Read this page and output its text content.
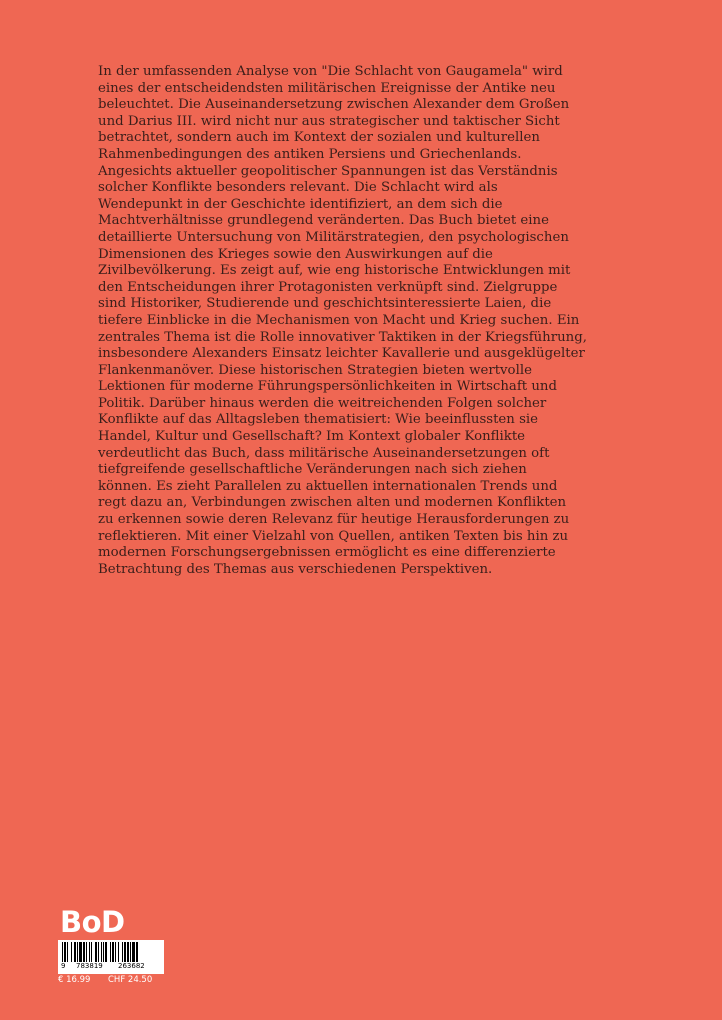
In der umfassenden Analyse von "Die Schlacht von Gaugamela" wird
eines der entscheidendsten militärischen Ereignisse der Antike neu
beleuchtet. Die Auseinandersetzung zwischen Alexander dem Großen
und Darius III. wird nicht nur aus strategischer und taktischer Sicht
betrachtet, sondern auch im Kontext der sozialen und kulturellen
Rahmenbedingungen des antiken Persiens und Griechenlands.
Angesichts aktueller geopolitischer Spannungen ist das Verständnis
solcher Konflikte besonders relevant. Die Schlacht wird als
Wendepunkt in der Geschichte identifiziert, an dem sich die
Machtverhältnisse grundlegend veränderten. Das Buch bietet eine
detaillierte Untersuchung von Militärstrategien, den psychologischen
Dimensionen des Krieges sowie den Auswirkungen auf die
Zivilbevölkerung. Es zeigt auf, wie eng historische Entwicklungen mit
den Entscheidungen ihrer Protagonisten verknüpft sind. Zielgruppe
sind Historiker, Studierende und geschichtsinteressierte Laien, die
tiefere Einblicke in die Mechanismen von Macht und Krieg suchen. Ein
zentrales Thema ist die Rolle innovativer Taktiken in der Kriegsführung,
insbesondere Alexanders Einsatz leichter Kavallerie und ausgeklügelter
Flankenmanöver. Diese historischen Strategien bieten wertvolle
Lektionen für moderne Führungspersönlichkeiten in Wirtschaft und
Politik. Darüber hinaus werden die weitreichenden Folgen solcher
Konflikte auf das Alltagsleben thematisiert: Wie beeinflussten sie
Handel, Kultur und Gesellschaft? Im Kontext globaler Konflikte
verdeutlicht das Buch, dass militärische Auseinandersetzungen oft
tiefgreifende gesellschaftliche Veränderungen nach sich ziehen
können. Es zieht Parallelen zu aktuellen internationalen Trends und
regt dazu an, Verbindungen zwischen alten und modernen Konflikten
zu erkennen sowie deren Relevanz für heutige Herausforderungen zu
reflektieren. Mit einer Vielzahl von Quellen, antiken Texten bis hin zu
modernen Forschungsergebnissen ermöglicht es eine differenzierte
Betrachtung des Themas aus verschiedenen Perspektiven.
BoD
9 783819 263682
€ 16.99 CHF 24.50
